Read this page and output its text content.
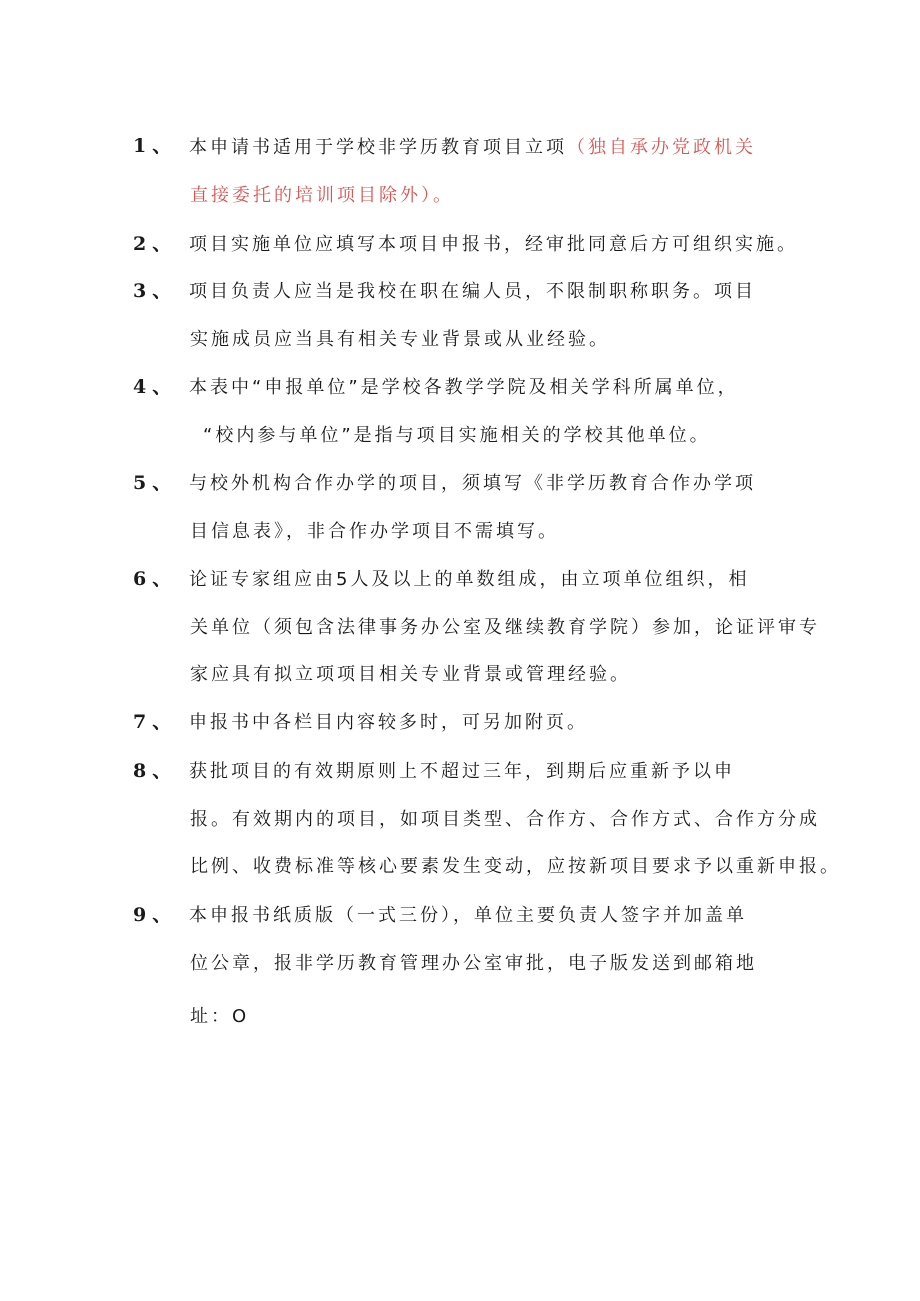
1、 本申请书适用于学校非学历教育项目立项（独自承办党政机关
直接委托的培训项目除外）。
2、 项目实施单位应填写本项目申报书，经审批同意后方可组织实施。
3、 项目负责人应当是我校在职在编人员，不限制职称职务。项目
实施成员应当具有相关专业背景或从业经验。
4、 本表中“申报单位”是学校各教学学院及相关学科所属单位，
“校内参与单位”是指与项目实施相关的学校其他单位。
5、 与校外机构合作办学的项目，须填写《非学历教育合作办学项
目信息表》，非合作办学项目不需填写。
6、 论证专家组应由5人及以上的单数组成，由立项单位组织，相
关单位（须包含法律事务办公室及继续教育学院）参加，论证评审专
家应具有拟立项项目相关专业背景或管理经验。
7、 申报书中各栏目内容较多时，可另加附页。
8、 获批项目的有效期原则上不超过三年，到期后应重新予以申
报。有效期内的项目，如项目类型、合作方、合作方式、合作方分成
比例、收费标准等核心要素发生变动，应按新项目要求予以重新申报。
9、 本申报书纸质版（一式三份），单位主要负责人签字并加盖单
位公章，报非学历教育管理办公室审批，电子版发送到邮箱地
址：O
